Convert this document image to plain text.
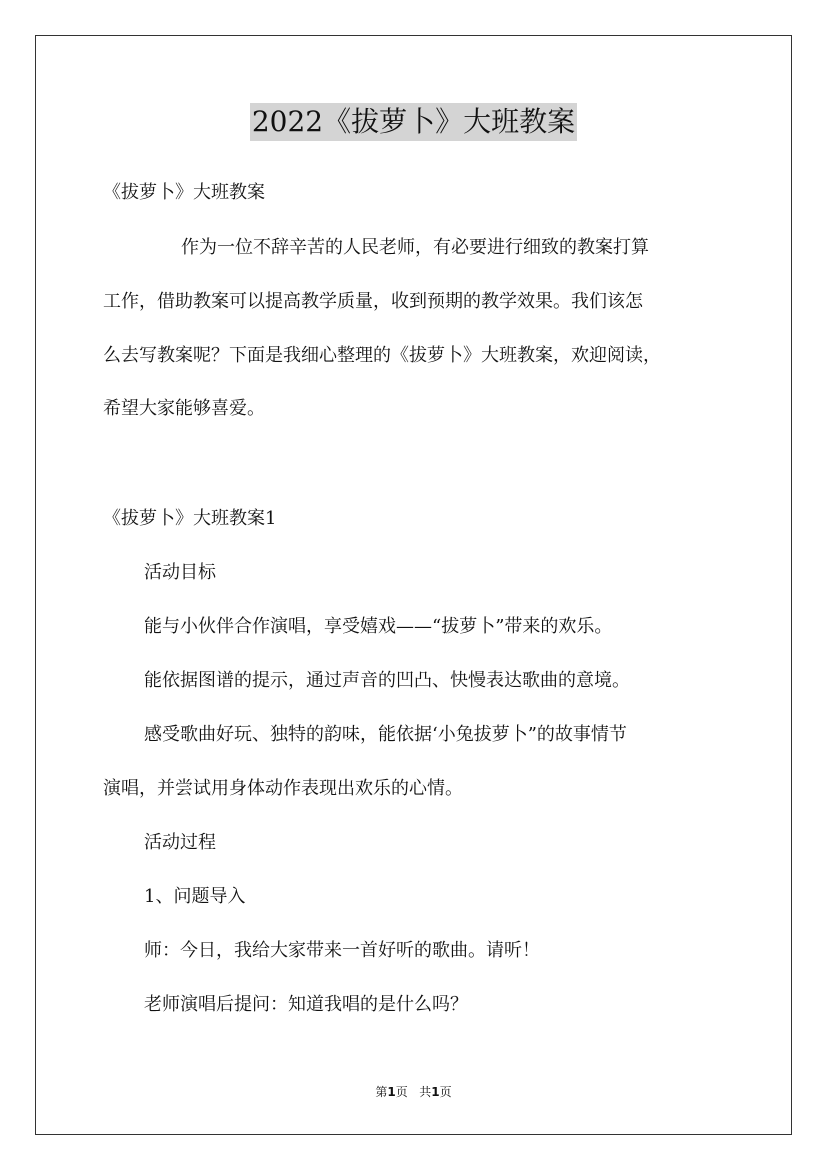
2022《拔萝卜》大班教案
《拔萝卜》大班教案
作为一位不辞辛苦的人民老师，有必要进行细致的教案打算
工作，借助教案可以提高教学质量，收到预期的教学效果。我们该怎
么去写教案呢？下面是我细心整理的《拔萝卜》大班教案，欢迎阅读，
希望大家能够喜爱。
《拔萝卜》大班教案1
活动目标
能与小伙伴合作演唱，享受嬉戏——“拔萝卜”带来的欢乐。
能依据图谱的提示，通过声音的凹凸、快慢表达歌曲的意境。
感受歌曲好玩、独特的韵味，能依据‘小兔拔萝卜”的故事情节
演唱，并尝试用身体动作表现出欢乐的心情。
活动过程
1、问题导入
师：今日，我给大家带来一首好听的歌曲。请听！
老师演唱后提问：知道我唱的是什么吗？
第1页   共1页
